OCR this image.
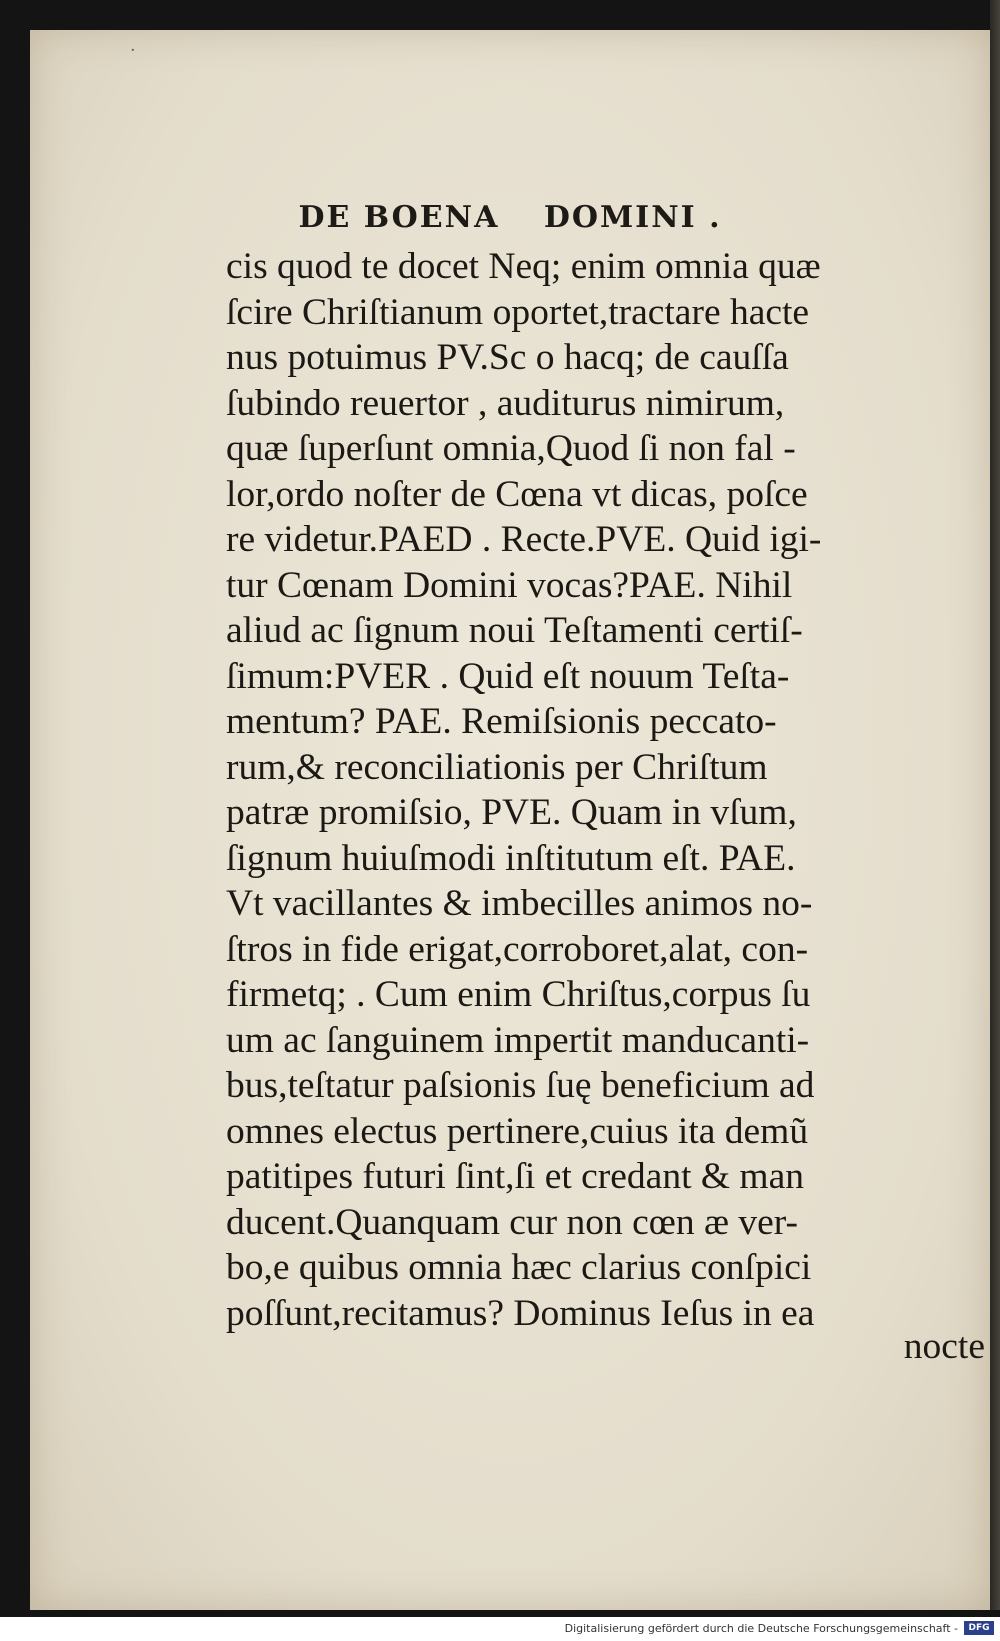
·
DE BOENA DOMINI .
cis quod te docet Neq; enim omnia quæ
ſcire Chriſtianum oportet,tractare hacte
nus potuimus PV.Sc o hacq; de cauſſa
ſubindo reuertor , auditurus nimirum,
quæ ſuperſunt omnia,Quod ſi non fal -
lor,ordo noſter de Cœna vt dicas, poſce
re videtur.PAED . Recte.PVE. Quid igi-
tur Cœnam Domini vocas?PAE. Nihil
aliud ac ſignum noui Teſtamenti certiſ-
ſimum:PVER . Quid eſt nouum Teſta-
mentum? PAE. Remiſsionis peccato-
rum,& reconciliationis per Chriſtum
patræ promiſsio, PVE. Quam in vſum,
ſignum huiuſmodi inſtitutum eſt. PAE.
Vt vacillantes & imbecilles animos no-
ſtros in fide erigat,corroboret,alat, con-
firmetq; . Cum enim Chriſtus,corpus ſu
um ac ſanguinem impertit manducanti-
bus,teſtatur paſsionis ſuę beneficium ad
omnes electus pertinere,cuius ita demũ
patitipes futuri ſint,ſi et credant & man
ducent.Quanquam cur non cœn æ ver-
bo,e quibus omnia hæc clarius conſpici
poſſunt,recitamus? Dominus Ieſus in ea
nocte
Digitalisierung gefördert durch die Deutsche Forschungsgemeinschaft -	DFG
